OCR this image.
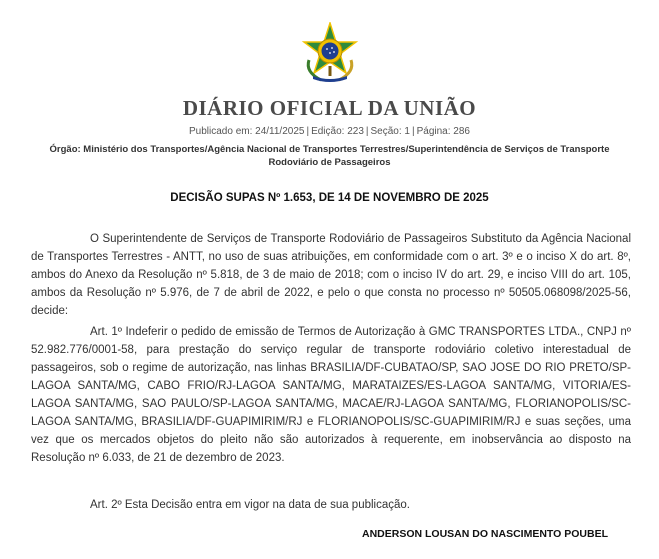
DIÁRIO OFICIAL DA UNIÃO
Publicado em: 24/11/2025 | Edição: 223 | Seção: 1 | Página: 286
Órgão: Ministério dos Transportes/Agência Nacional de Transportes Terrestres/Superintendência de Serviços de Transporte Rodoviário de Passageiros
DECISÃO SUPAS Nº 1.653, DE 14 DE NOVEMBRO DE 2025
O Superintendente de Serviços de Transporte Rodoviário de Passageiros Substituto da Agência Nacional de Transportes Terrestres - ANTT, no uso de suas atribuições, em conformidade com o art. 3º e o inciso X do art. 8º, ambos do Anexo da Resolução nº 5.818, de 3 de maio de 2018; com o inciso IV do art. 29, e inciso VIII do art. 105, ambos da Resolução nº 5.976, de 7 de abril de 2022, e pelo o que consta no processo nº 50505.068098/2025-56, decide:
Art. 1º Indeferir o pedido de emissão de Termos de Autorização à GMC TRANSPORTES LTDA., CNPJ nº 52.982.776/0001-58, para prestação do serviço regular de transporte rodoviário coletivo interestadual de passageiros, sob o regime de autorização, nas linhas BRASILIA/DF-CUBATAO/SP, SAO JOSE DO RIO PRETO/SP-LAGOA SANTA/MG, CABO FRIO/RJ-LAGOA SANTA/MG, MARATAIZES/ES-LAGOA SANTA/MG, VITORIA/ES-LAGOA SANTA/MG, SAO PAULO/SP-LAGOA SANTA/MG, MACAE/RJ-LAGOA SANTA/MG, FLORIANOPOLIS/SC-LAGOA SANTA/MG, BRASILIA/DF-GUAPIMIRIM/RJ e FLORIANOPOLIS/SC-GUAPIMIRIM/RJ e suas seções, uma vez que os mercados objetos do pleito não são autorizados à requerente, em inobservância ao disposto na Resolução nº 6.033, de 21 de dezembro de 2023.
Art. 2º Esta Decisão entra em vigor na data de sua publicação.
ANDERSON LOUSAN DO NASCIMENTO POUBEL
